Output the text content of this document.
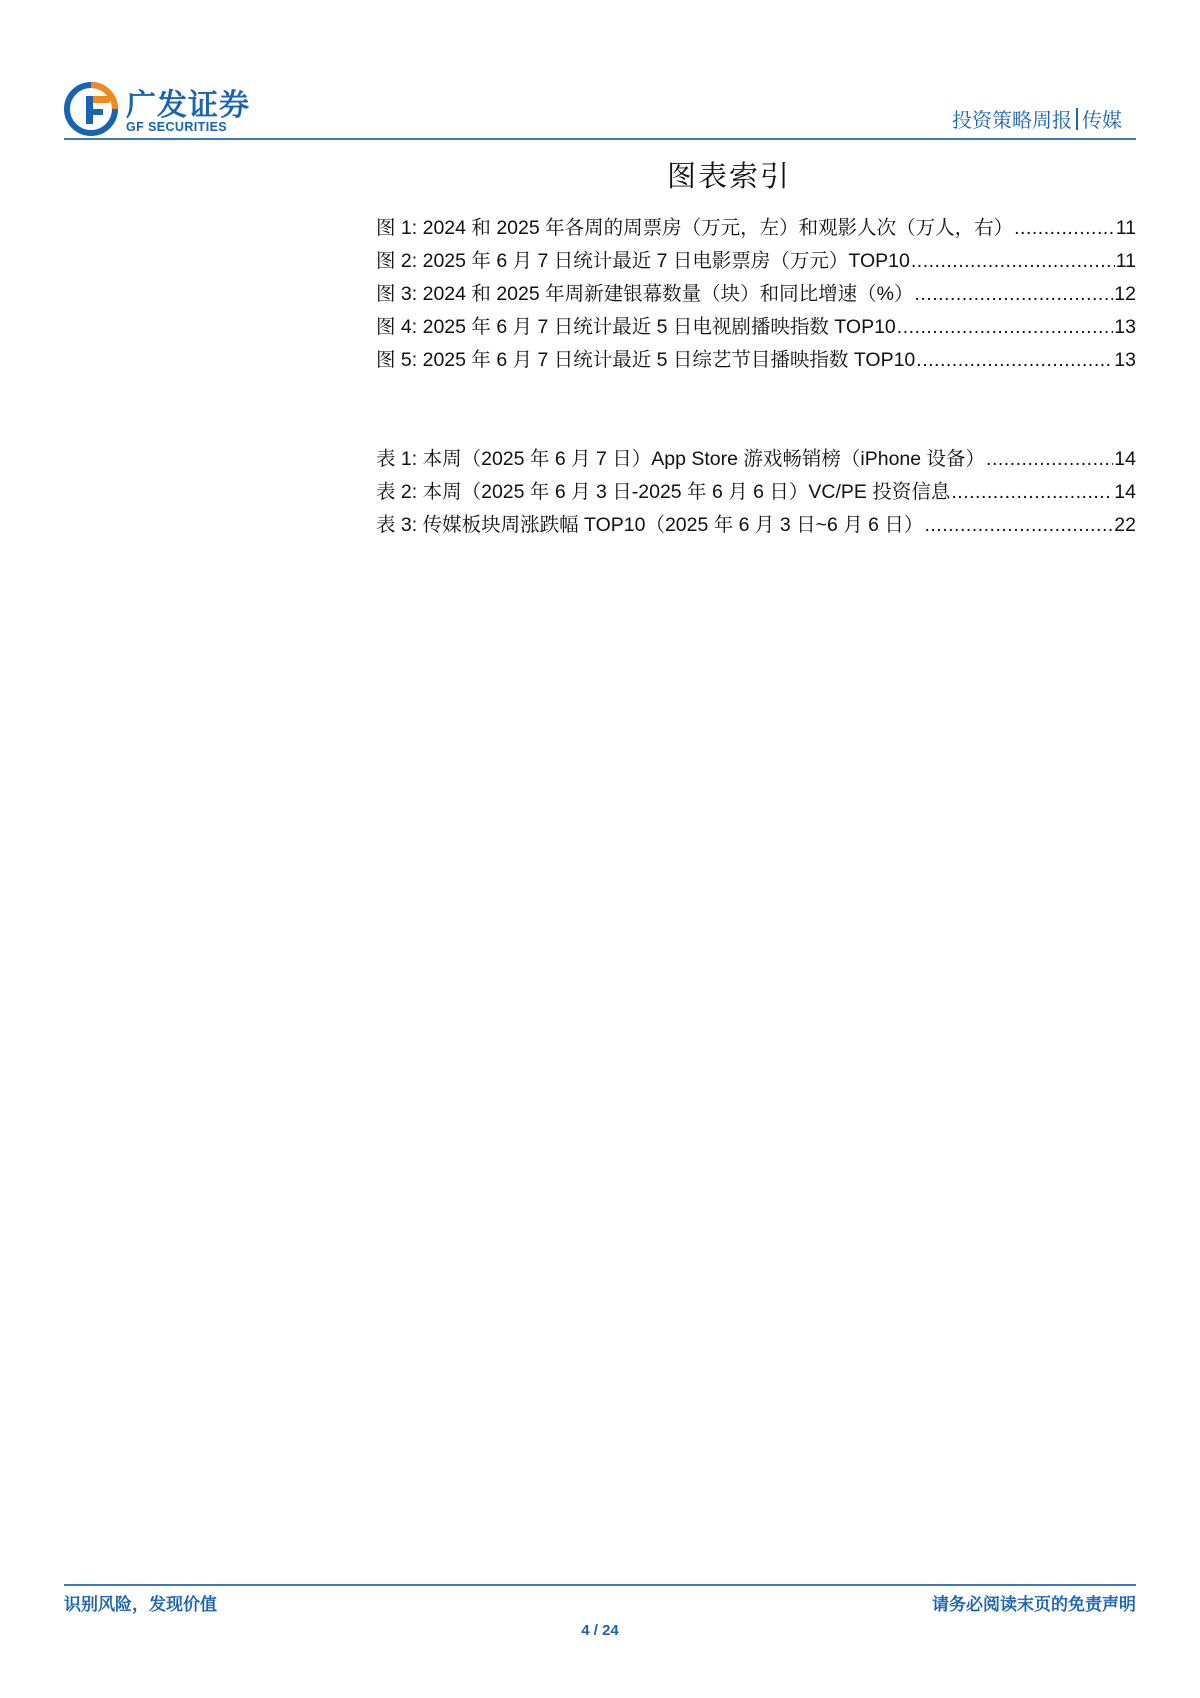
广发证券
GF SECURITIES	投资策略周报 传媒
图表索引
图 1: 2024 和 2025 年各周的周票房（万元，左）和观影人次（万人，右） .....	11
图 2: 2025 年 6 月 7 日统计最近 7 日电影票房（万元）TOP10 .....	11
图 3: 2024 和 2025 年周新建银幕数量（块）和同比增速（%） .....	12
图 4: 2025 年 6 月 7 日统计最近 5 日电视剧播映指数 TOP10 .....	13
图 5: 2025 年 6 月 7 日统计最近 5 日综艺节目播映指数 TOP10 .....	13
表 1: 本周（2025 年 6 月 7 日）App Store 游戏畅销榜（iPhone 设备） .....	14
表 2: 本周（2025 年 6 月 3 日-2025 年 6 月 6 日）VC/PE 投资信息 .....	14
表 3: 传媒板块周涨跌幅 TOP10（2025 年 6 月 3 日~6 月 6 日） .....	22
识别风险，发现价值	请务必阅读末页的免责声明
4 / 24
